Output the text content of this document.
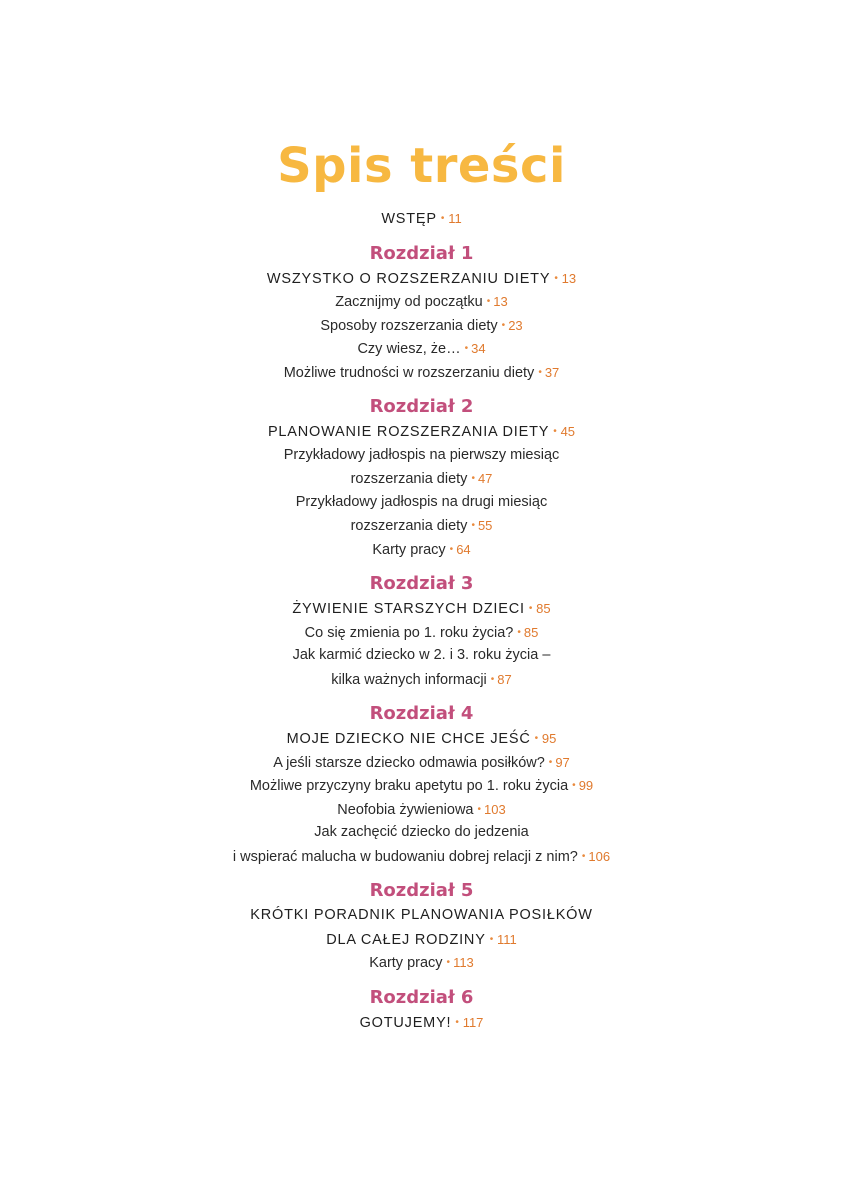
Spis treści
WSTĘP • 11
Rozdział 1
WSZYSTKO O ROZSZERZANIU DIETY • 13
Zacznijmy od początku • 13
Sposoby rozszerzania diety • 23
Czy wiesz, że… • 34
Możliwe trudności w rozszerzaniu diety • 37
Rozdział 2
PLANOWANIE ROZSZERZANIA DIETY • 45
Przykładowy jadłospis na pierwszy miesiąc
rozszerzania diety • 47
Przykładowy jadłospis na drugi miesiąc
rozszerzania diety • 55
Karty pracy • 64
Rozdział 3
ŻYWIENIE STARSZYCH DZIECI • 85
Co się zmienia po 1. roku życia? • 85
Jak karmić dziecko w 2. i 3. roku życia –
kilka ważnych informacji • 87
Rozdział 4
MOJE DZIECKO NIE CHCE JEŚĆ • 95
A jeśli starsze dziecko odmawia posiłków? • 97
Możliwe przyczyny braku apetytu po 1. roku życia • 99
Neofobia żywieniowa • 103
Jak zachęcić dziecko do jedzenia
i wspierać malucha w budowaniu dobrej relacji z nim? • 106
Rozdział 5
KRÓTKI PORADNIK PLANOWANIA POSIŁKÓW
DLA CAŁEJ RODZINY • 111
Karty pracy • 113
Rozdział 6
GOTUJEMY! • 117
